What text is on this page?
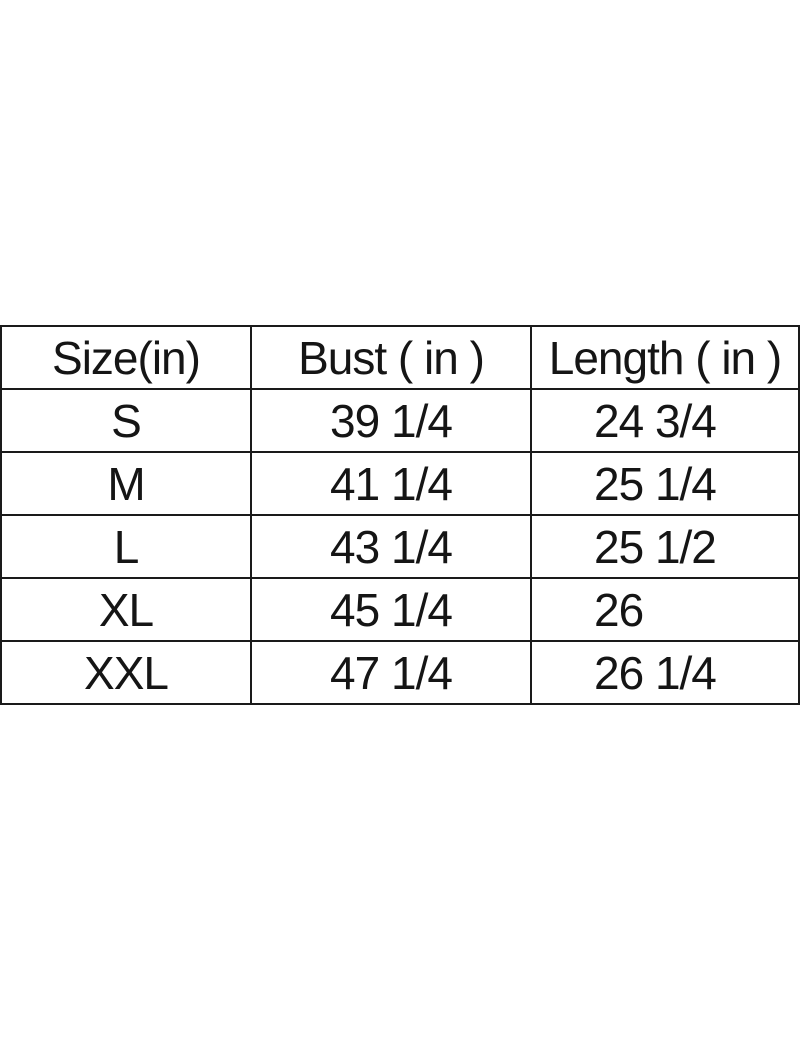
Size(in)	Bust ( in )	Length ( in )
S	39 1/4	24 3/4
M	41 1/4	25 1/4
L	43 1/4	25 1/2
XL	45 1/4	26
XXL	47 1/4	26 1/4
